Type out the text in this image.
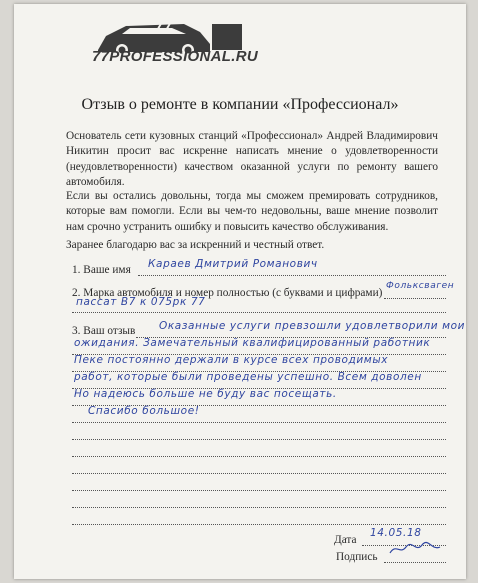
77.
77PROFESSIONAL.RU
Отзыв о ремонте в компании «Профессионал»
Основатель сети кузовных станций «Профессионал» Андрей Владимирович Никитин просит вас искренне написать мнение о удовлетворенности (неудовлетворенности) качеством оказанной услуги по ремонту вашего автомобиля.
Если вы остались довольны, тогда мы сможем премировать сотрудников, которые вам помогли. Если вы чем-то недовольны, ваше мнение позволит нам срочно устранить ошибку и повысить качество обслуживания.
Заранее благодарю вас за искренний и честный ответ.
1. Ваше имя Караев Дмитрий Романович
2. Марка автомобиля и номер полностью (с буквами и цифрами)
Фольксваген
пассат B7 к 075рк 77
3. Ваш отзыв Оказанные услуги превзошли удовлетворили мои
ожидания. Замечательный квалифицированный работник
Пеке постоянно держали в курсе всех проводимых
работ, которые были проведены успешно. Всем доволен
Но надеюсь больше не буду вас посещать.
Спасибо большое!
Дата
14.05.18
Подпись
